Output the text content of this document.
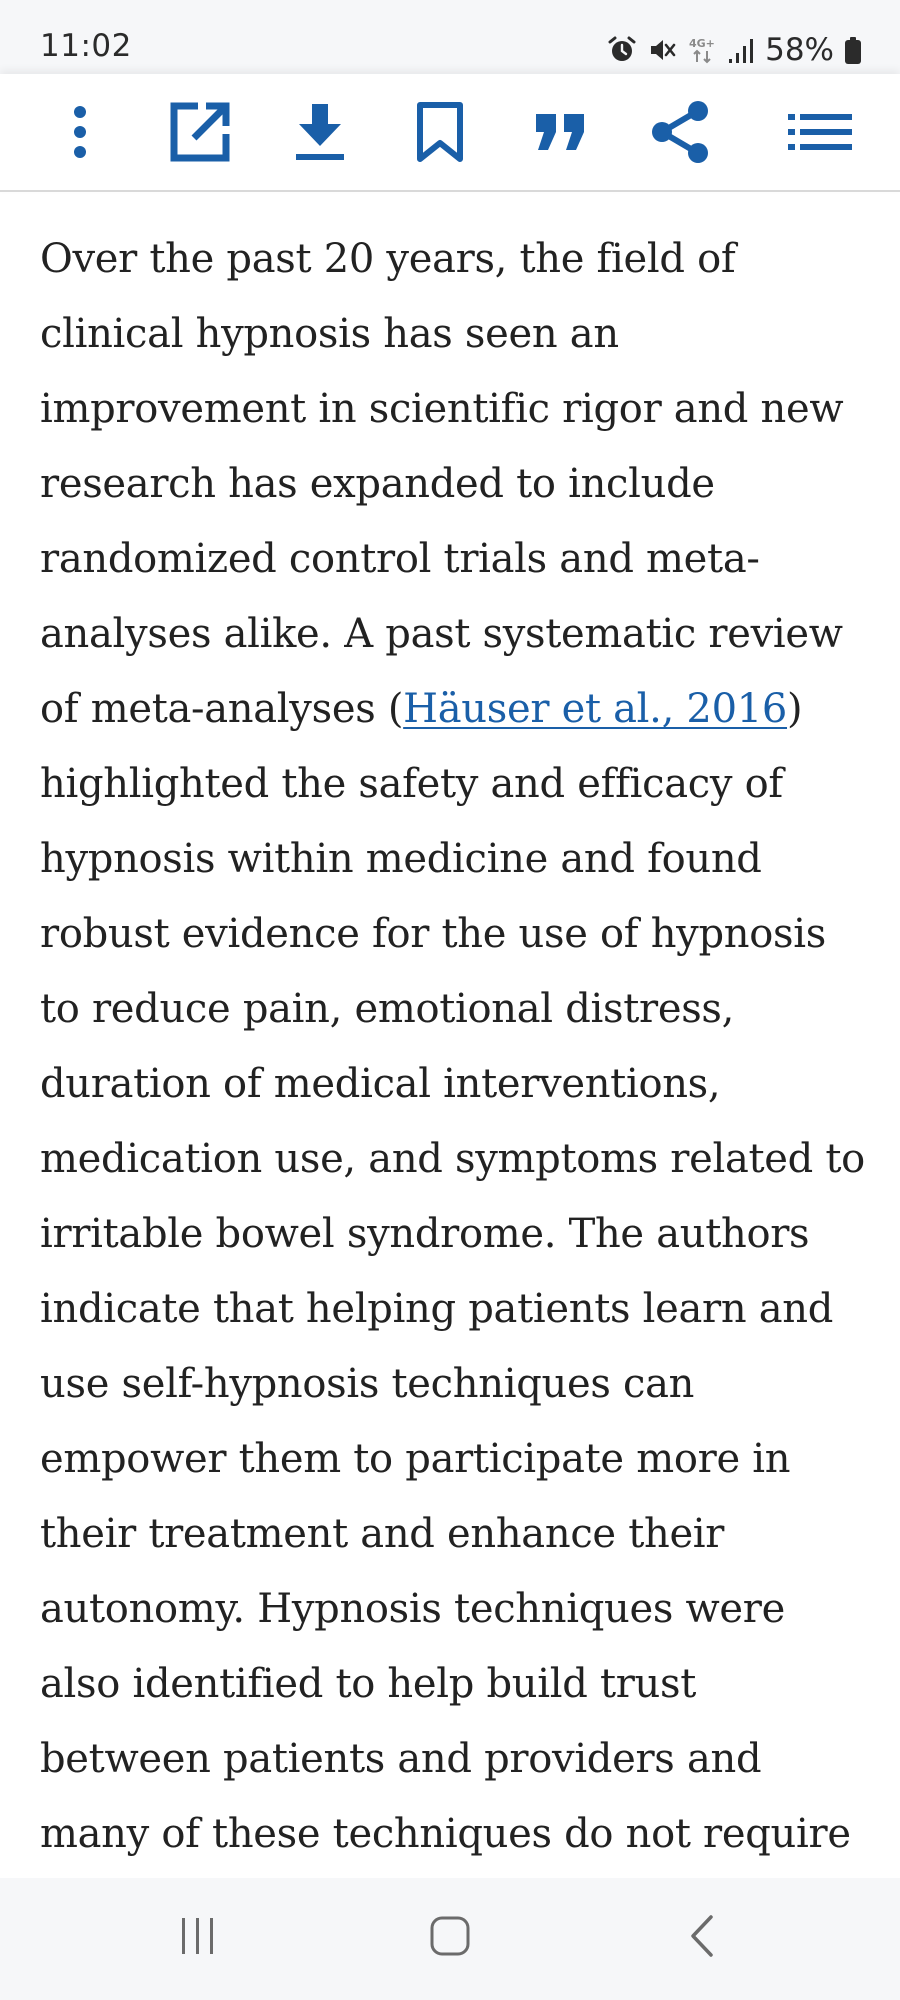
11:02	4G+ 58%

Over the past 20 years, the field of clinical hypnosis has seen an improvement in scientific rigor and new research has expanded to include randomized control trials and meta-analyses alike. A past systematic review of meta-analyses (Häuser et al., 2016) highlighted the safety and efficacy of hypnosis within medicine and found robust evidence for the use of hypnosis to reduce pain, emotional distress, duration of medical interventions, medication use, and symptoms related to irritable bowel syndrome. The authors indicate that helping patients learn and use self-hypnosis techniques can empower them to participate more in their treatment and enhance their autonomy. Hypnosis techniques were also identified to help build trust between patients and providers and many of these techniques do not require
